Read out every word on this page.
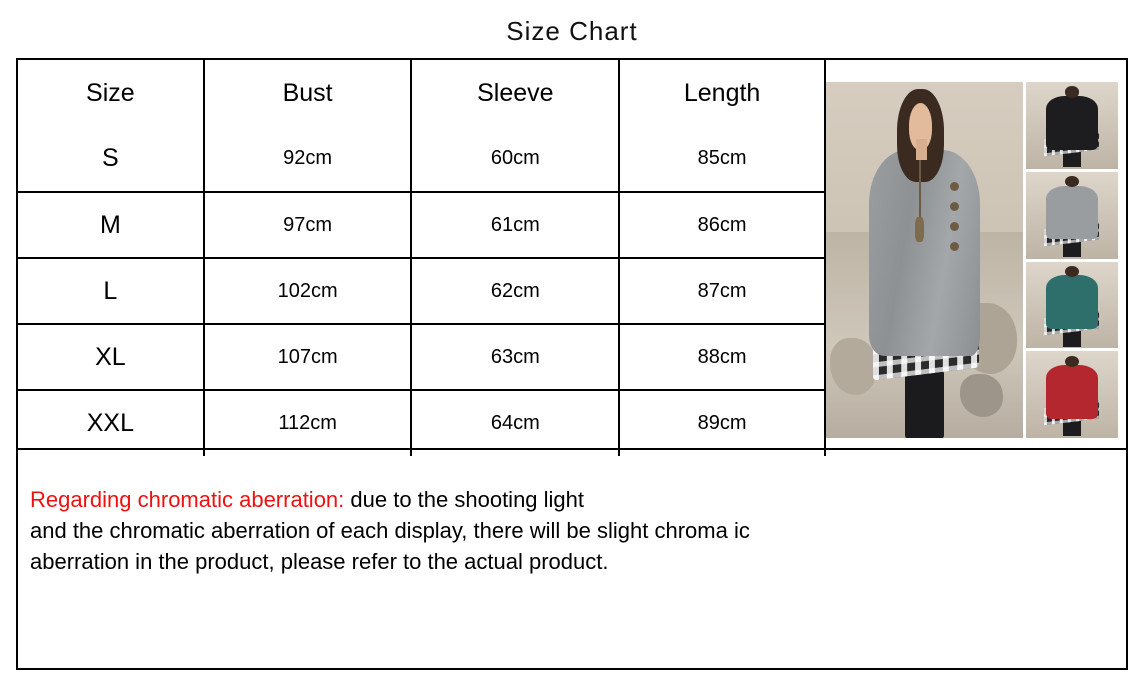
Size Chart
Size	Bust	Sleeve	Length
S	92cm	60cm	85cm
M	97cm	61cm	86cm
L	102cm	62cm	87cm
XL	107cm	63cm	88cm
XXL	112cm	64cm	89cm
Regarding chromatic aberration: due to the shooting light
and the chromatic aberration of each display, there will be slight chroma ic
aberration in the product, please refer to the actual product.
